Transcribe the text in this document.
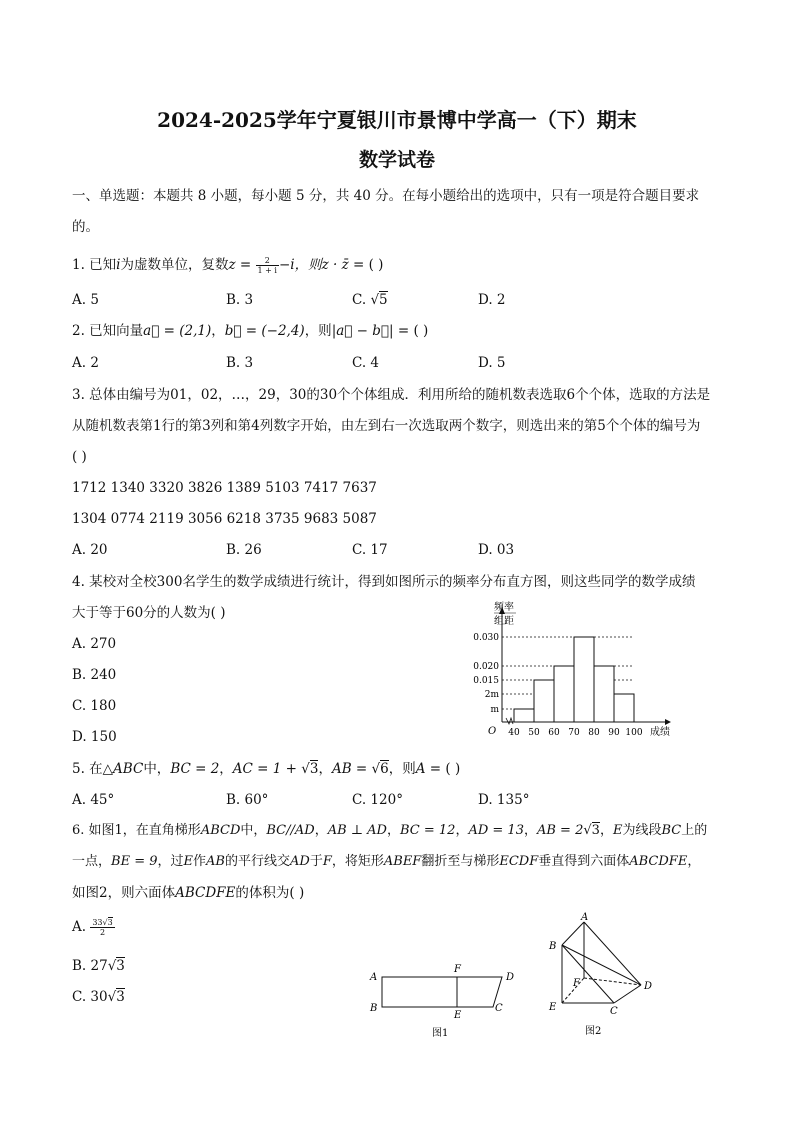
2024-2025学年宁夏银川市景博中学高一（下）期末
数学试卷
一、单选题：本题共 8 小题，每小题 5 分，共 40 分。在每小题给出的选项中，只有一项是符合题目要求
的。
1. 已知i为虚数单位，复数$z = \frac{2}{1 + i} -i$，则z · z̄ = ( )
A. 5	B. 3	C. √5	D. 2
2. 已知向量a⃗ = (2,1)，b⃗ = (−2,4)，则|a⃗ − b⃗| = ( )
A. 2	B. 3	C. 4	D. 5
3. 总体由编号为01，02，…，29，30的30个个体组成．利用所给的随机数表选取6个个体，选取的方法是
从随机数表第1行的第3列和第4列数字开始，由左到右一次选取两个数字，则选出来的第5个个体的编号为
( )
1712 1340 3320 3826 1389 5103 7417 7637
1304 0774 2119 3056 6218 3735 9683 5087
A. 20	B. 26	C. 17	D. 03
4. 某校对全校300名学生的数学成绩进行统计，得到如图所示的频率分布直方图，则这些同学的数学成绩
大于等于60分的人数为( )
A. 270
B. 240
C. 180
D. 150
频率
组距
O	成绩
m
2m
0.015
0.020
0.030
40 50 60 70 80 90 100
5. 在△ABC中，BC = 2，AC = 1 + √3，AB = √6，则A = ( )
A. 45°	B. 60°	C. 120°	D. 135°
6. 如图1，在直角梯形ABCD中，BC//AD，AB ⊥ AD，BC = 12，AD = 13，AB = 2√3，E为线段BC上的
一点，BE = 9，过E作AB的平行线交AD于F，将矩形ABEF翻折至与梯形ECDF垂直得到六面体ABCDFE，
如图2，则六面体ABCDFE的体积为( )
A. $\frac{33√3}{2}$
B. 27√3
C. 30√3
A
B
F
E
D
C
图1
A
B
F	D
E	C
图2
